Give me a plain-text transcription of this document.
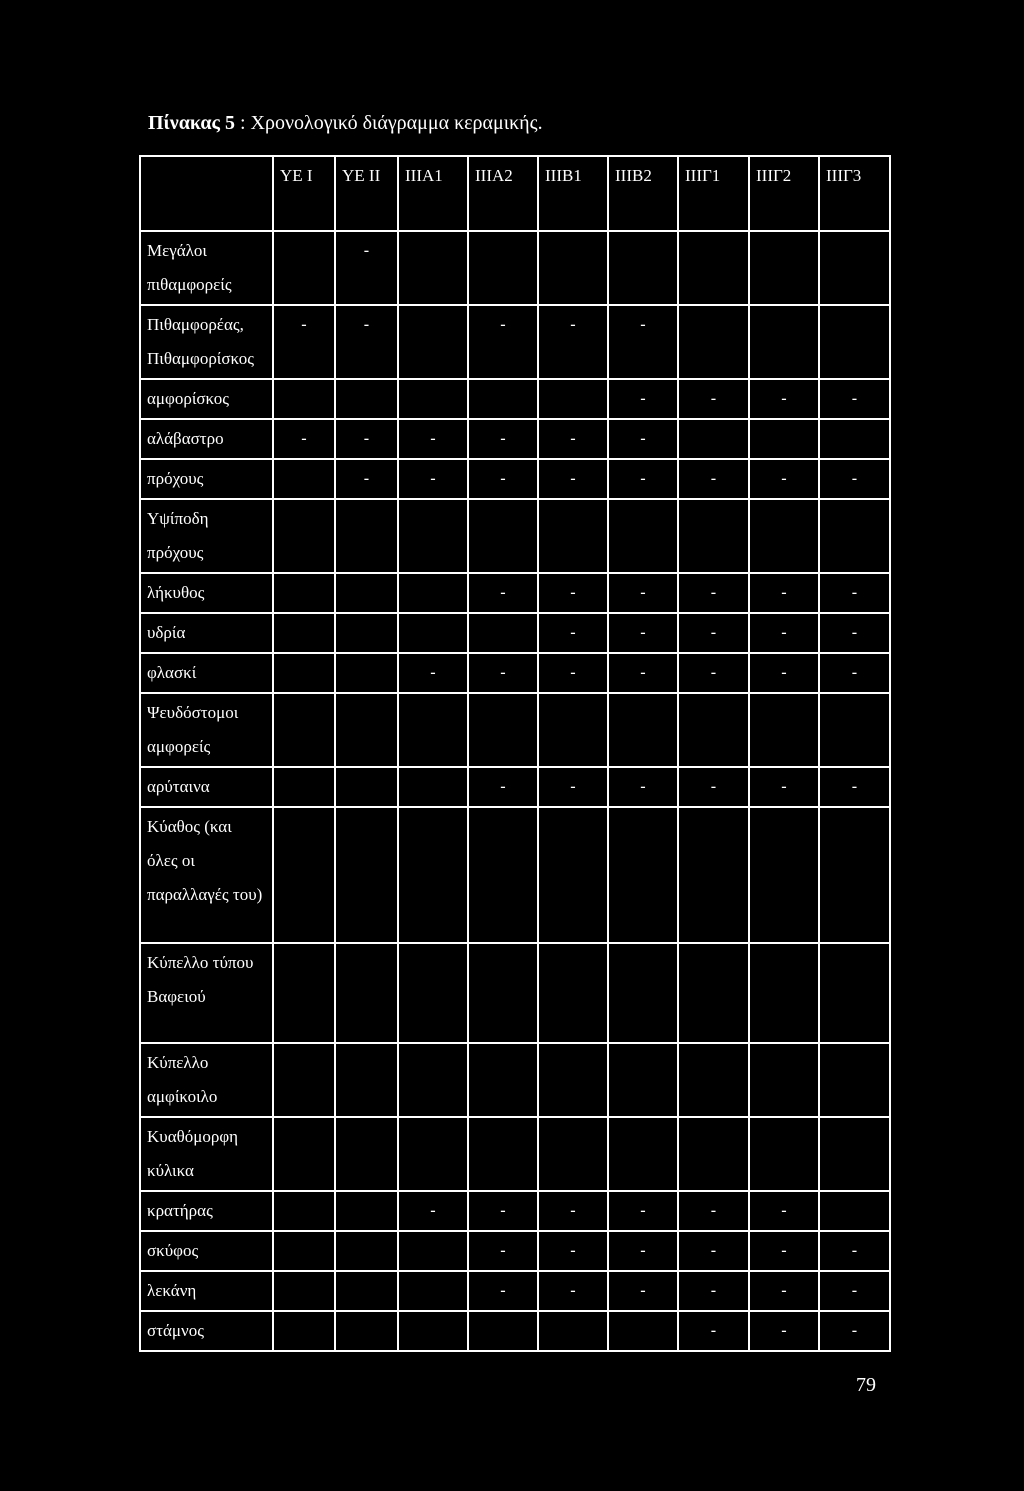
Πίνακας 5 : Χρονολογικό διάγραμμα κεραμικής.
	ΥΕ Ι	ΥΕ ΙΙ	ΙΙΙΑ1	ΙΙΙΑ2	ΙΙΙΒ1	ΙΙΙΒ2	ΙΙΙΓ1	ΙΙΙΓ2	ΙΙΙΓ3
Μεγάλοι πιθαμφορείς		-							
Πιθαμφορέας, Πιθαμφορίσκος	-	-		-	-	-			
αμφορίσκος						-	-	-	-
αλάβαστρο	-	-	-	-	-	-			
πρόχους		-	-	-	-	-	-	-	-
Υψίποδη πρόχους									
λήκυθος				-	-	-	-	-	-
υδρία					-	-	-	-	-
φλασκί			-	-	-	-	-	-	-
Ψευδόστομοι αμφορείς									
αρύταινα				-	-	-	-	-	-
Κύαθος (και όλες οι παραλλαγές του)									
Κύπελλο τύπου Βαφειού									
Κύπελλο αμφίκοιλο									
Κυαθόμορφη κύλικα									
κρατήρας			-	-	-	-	-	-	
σκύφος				-	-	-	-	-	-
λεκάνη				-	-	-	-	-	-
στάμνος							-	-	-
79
